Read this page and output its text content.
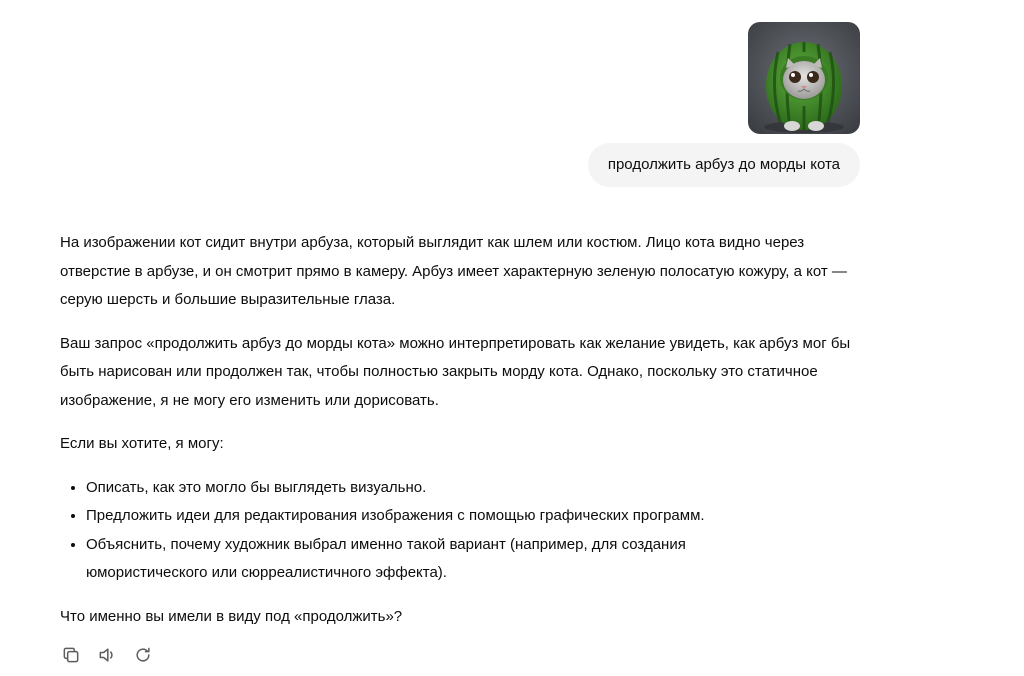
продолжить арбуз до морды кота

На изображении кот сидит внутри арбуза, который выглядит как шлем или костюм. Лицо кота видно через отверстие в арбузе, и он смотрит прямо в камеру. Арбуз имеет характерную зеленую полосатую кожуру, а кот — серую шерсть и большие выразительные глаза.

Ваш запрос «продолжить арбуз до морды кота» можно интерпретировать как желание увидеть, как арбуз мог бы быть нарисован или продолжен так, чтобы полностью закрыть морду кота. Однако, поскольку это статичное изображение, я не могу его изменить или дорисовать.

Если вы хотите, я могу:

• Описать, как это могло бы выглядеть визуально.
• Предложить идеи для редактирования изображения с помощью графических программ.
• Объяснить, почему художник выбрал именно такой вариант (например, для создания юмористического или сюрреалистичного эффекта).

Что именно вы имели в виду под «продолжить»?
